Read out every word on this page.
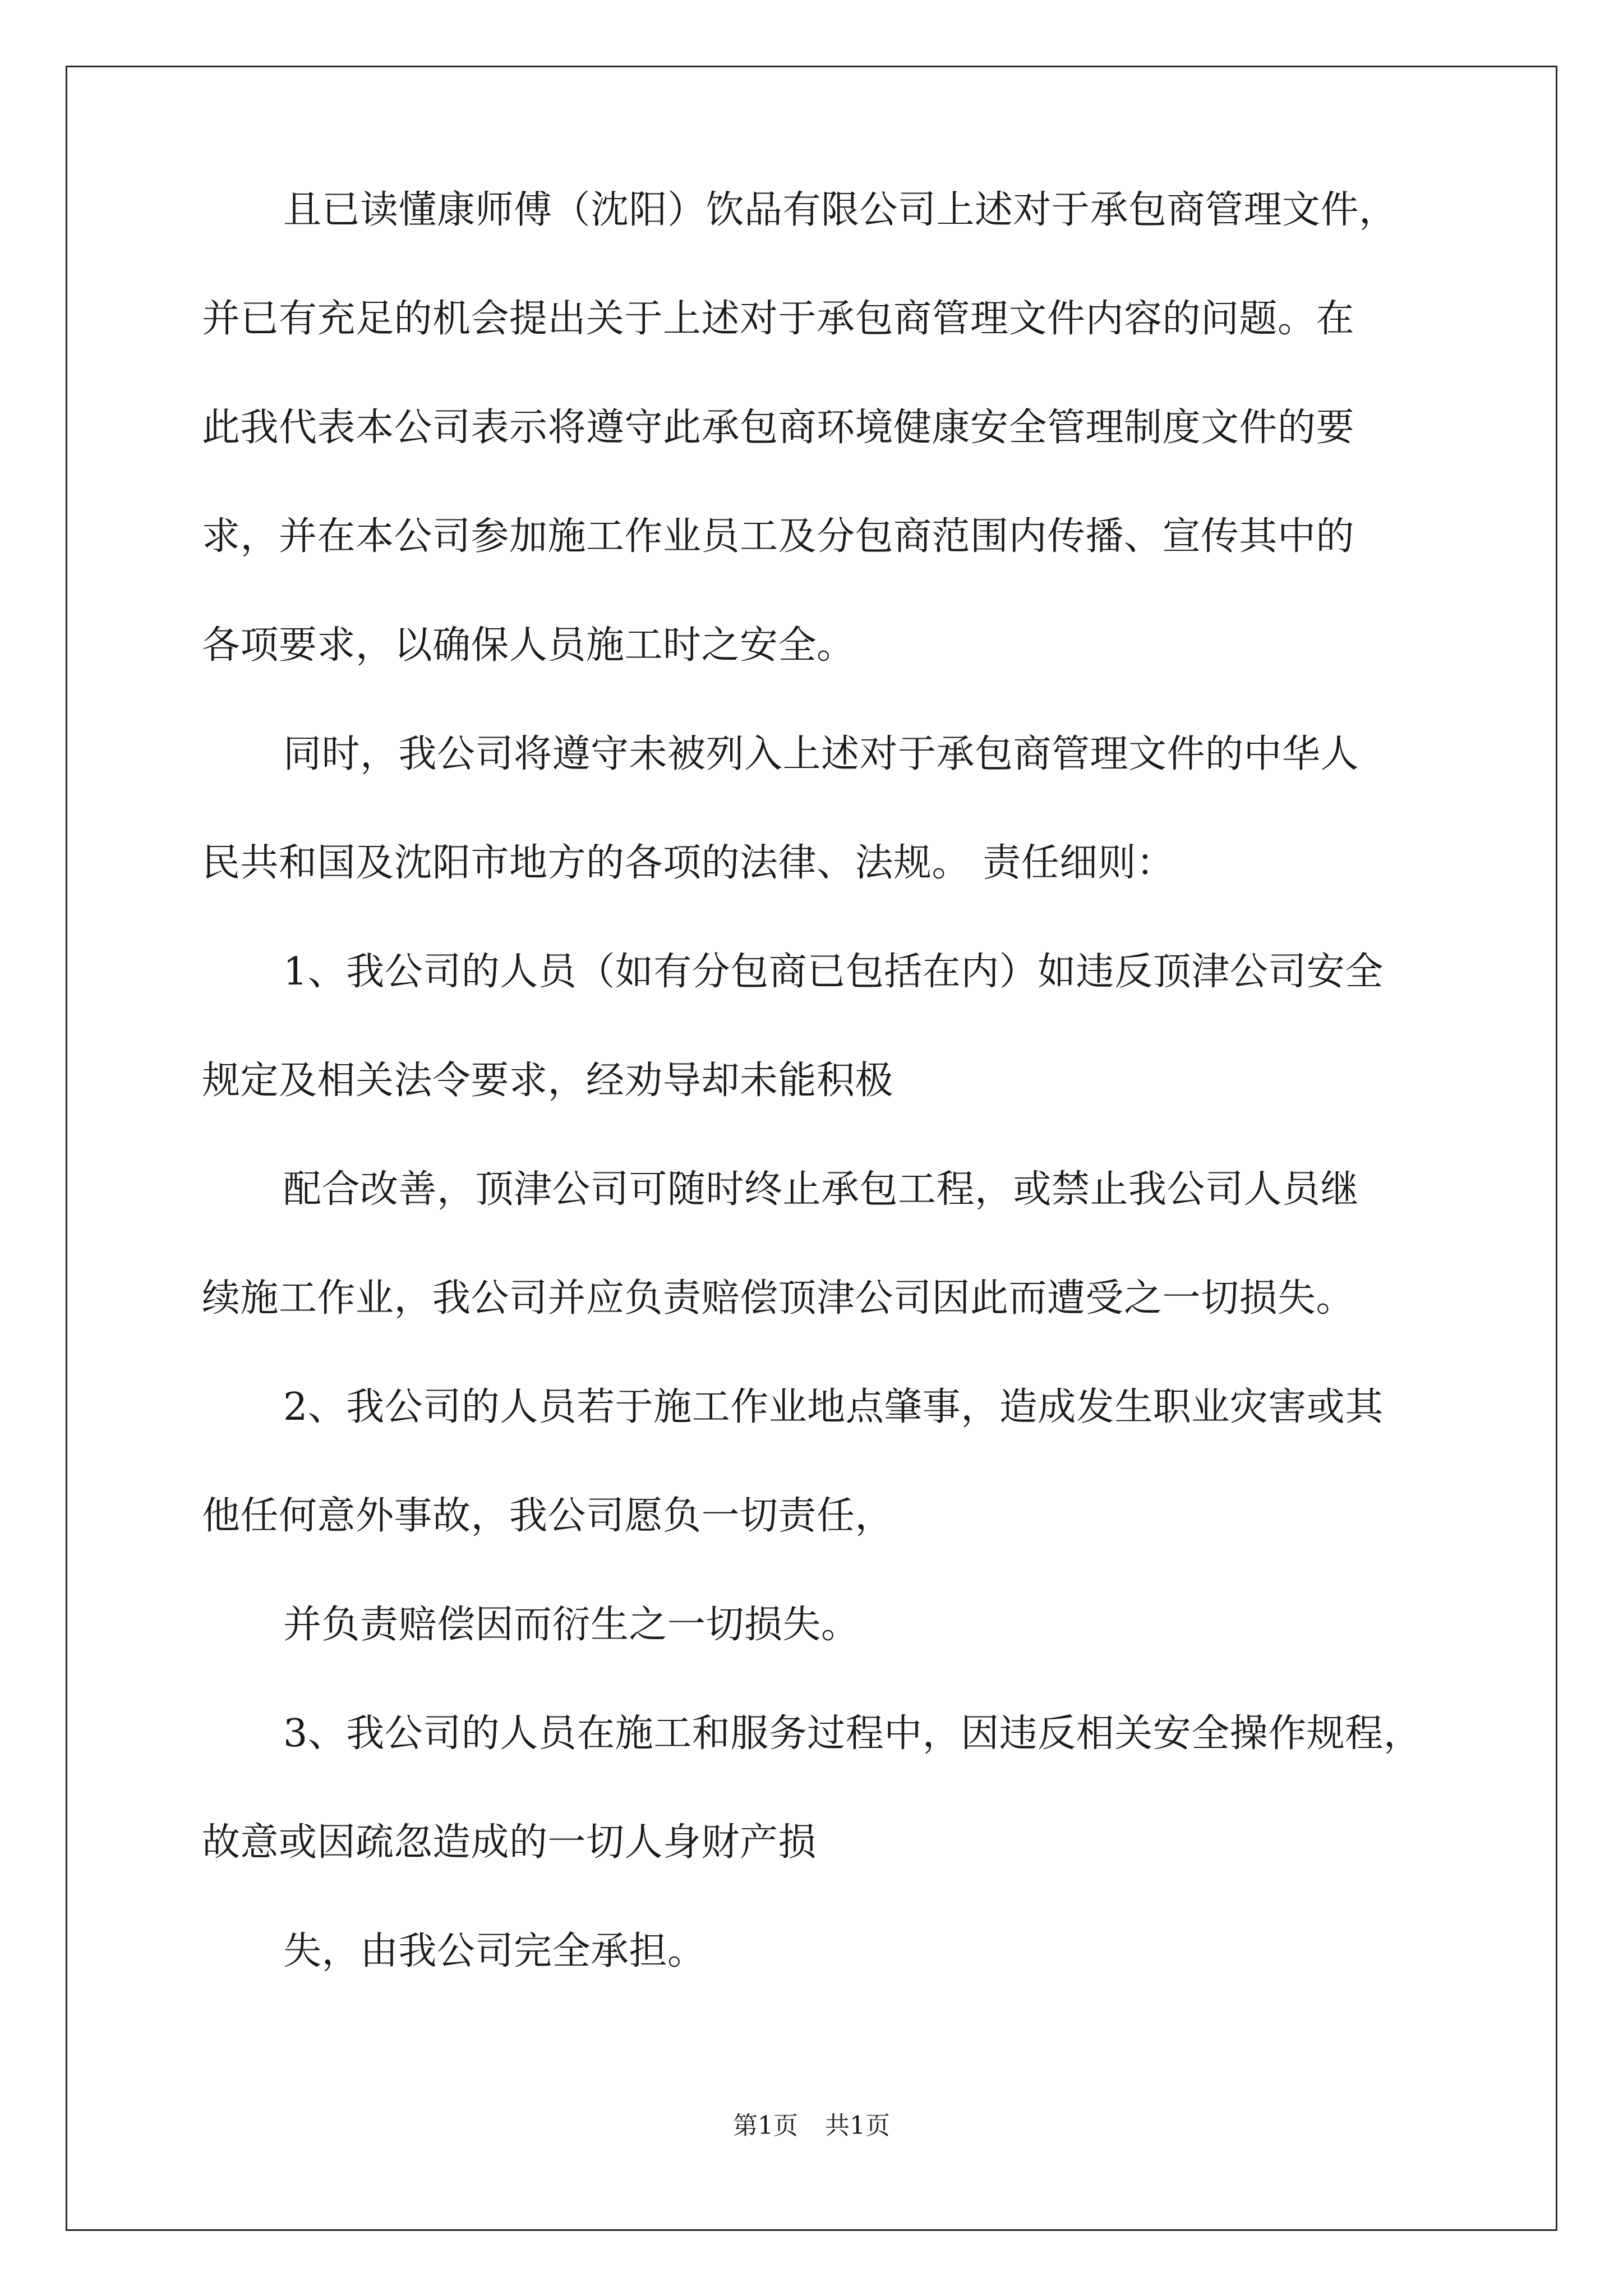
且已读懂康师傅（沈阳）饮品有限公司上述对于承包商管理文件，
并已有充足的机会提出关于上述对于承包商管理文件内容的问题。在
此我代表本公司表示将遵守此承包商环境健康安全管理制度文件的要
求，并在本公司参加施工作业员工及分包商范围内传播、宣传其中的
各项要求，以确保人员施工时之安全。
同时，我公司将遵守未被列入上述对于承包商管理文件的中华人
民共和国及沈阳市地方的各项的法律、法规。 责任细则：
1、我公司的人员（如有分包商已包括在内）如违反顶津公司安全
规定及相关法令要求，经劝导却未能积极
配合改善，顶津公司可随时终止承包工程，或禁止我公司人员继
续施工作业，我公司并应负责赔偿顶津公司因此而遭受之一切损失。
2、我公司的人员若于施工作业地点肇事，造成发生职业灾害或其
他任何意外事故，我公司愿负一切责任，
并负责赔偿因而衍生之一切损失。
3、我公司的人员在施工和服务过程中，因违反相关安全操作规程，
故意或因疏忽造成的一切人身财产损
失，由我公司完全承担。
第1页 共1页
